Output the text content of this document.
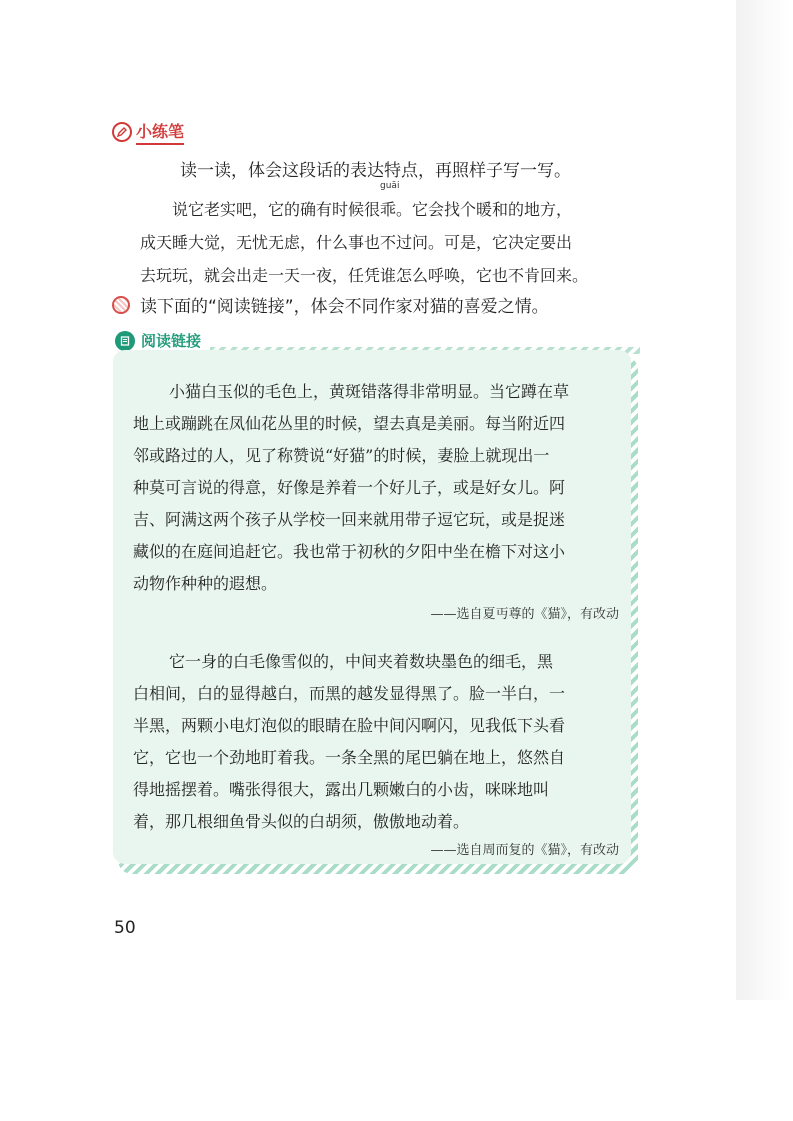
小练笔
读一读，体会这段话的表达特点，再照样子写一写。
说它老实吧，它的确有时候很
guāi
乖。它会找个暖和的地方，
成天睡大觉，无忧无虑，什么事也不过问。可是，它决定要出
去玩玩，就会出走一天一夜，任凭谁怎么呼唤，它也不肯回来。
读下面的“阅读链接”，体会不同作家对猫的喜爱之情。
阅读链接
小猫白玉似的毛色上，黄斑错落得非常明显。当它蹲在草
地上或蹦跳在凤仙花丛里的时候，望去真是美丽。每当附近四
邻或路过的人，见了称赞说“好猫”的时候，妻脸上就现出一
种莫可言说的得意，好像是养着一个好儿子，或是好女儿。阿
吉、阿满这两个孩子从学校一回来就用带子逗它玩，或是捉迷
藏似的在庭间追赶它。我也常于初秋的夕阳中坐在檐下对这小
动物作种种的遐想。
——选自夏丏尊的《猫》，有改动
它一身的白毛像雪似的，中间夹着数块墨色的细毛，黑
白相间，白的显得越白，而黑的越发显得黑了。脸一半白，一
半黑，两颗小电灯泡似的眼睛在脸中间闪啊闪，见我低下头看
它，它也一个劲地盯着我。一条全黑的尾巴躺在地上，悠然自
得地摇摆着。嘴张得很大，露出几颗嫩白的小齿，咪咪地叫
着，那几根细鱼骨头似的白胡须，傲傲地动着。
——选自周而复的《猫》，有改动
50
